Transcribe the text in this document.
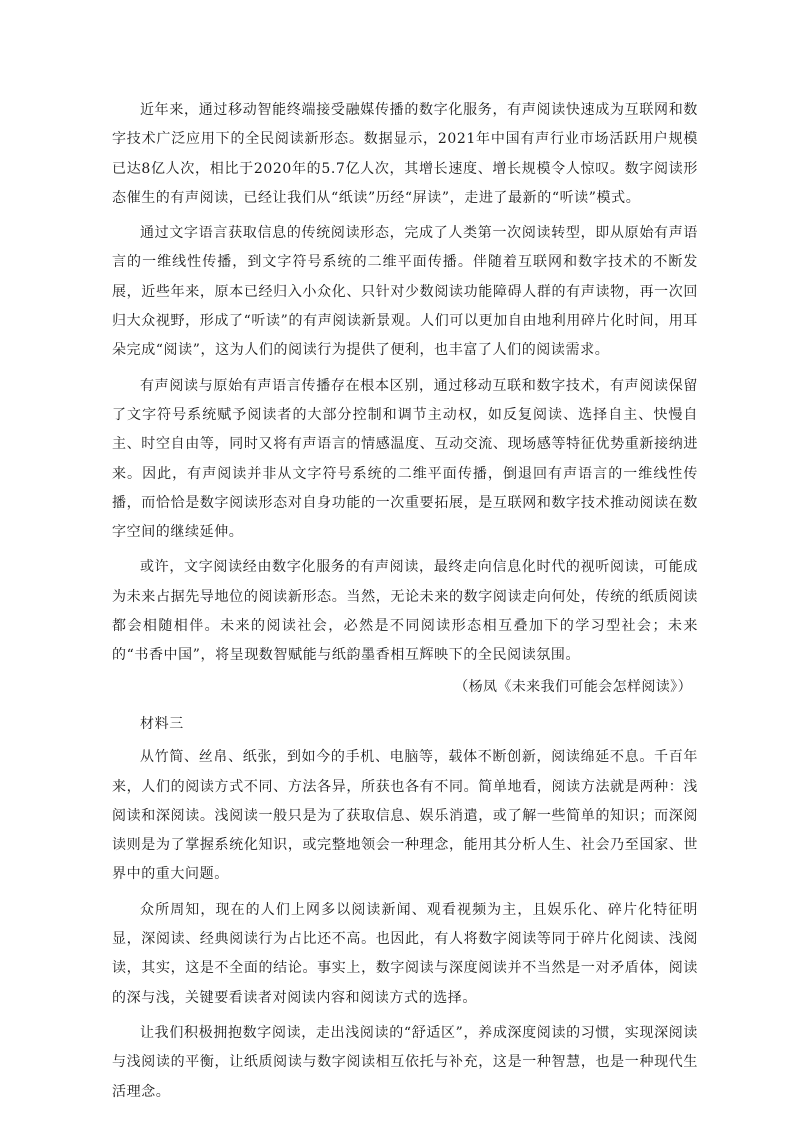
近年来，通过移动智能终端接受融媒传播的数字化服务，有声阅读快速成为互联网和数字技术广泛应用下的全民阅读新形态。数据显示，2021年中国有声行业市场活跃用户规模已达8亿人次，相比于2020年的5.7亿人次，其增长速度、增长规模令人惊叹。数字阅读形态催生的有声阅读，已经让我们从“纸读”历经“屏读”，走进了最新的“听读”模式。

通过文字语言获取信息的传统阅读形态，完成了人类第一次阅读转型，即从原始有声语言的一维线性传播，到文字符号系统的二维平面传播。伴随着互联网和数字技术的不断发展，近些年来，原本已经归入小众化、只针对少数阅读功能障碍人群的有声读物，再一次回归大众视野，形成了“听读”的有声阅读新景观。人们可以更加自由地利用碎片化时间，用耳朵完成“阅读”，这为人们的阅读行为提供了便利，也丰富了人们的阅读需求。

有声阅读与原始有声语言传播存在根本区别，通过移动互联和数字技术，有声阅读保留了文字符号系统赋予阅读者的大部分控制和调节主动权，如反复阅读、选择自主、快慢自主、时空自由等，同时又将有声语言的情感温度、互动交流、现场感等特征优势重新接纳进来。因此，有声阅读并非从文字符号系统的二维平面传播，倒退回有声语言的一维线性传播，而恰恰是数字阅读形态对自身功能的一次重要拓展，是互联网和数字技术推动阅读在数字空间的继续延伸。

或许，文字阅读经由数字化服务的有声阅读，最终走向信息化时代的视听阅读，可能成为未来占据先导地位的阅读新形态。当然，无论未来的数字阅读走向何处，传统的纸质阅读都会相随相伴。未来的阅读社会，必然是不同阅读形态相互叠加下的学习型社会；未来的“书香中国”，将呈现数智赋能与纸韵墨香相互辉映下的全民阅读氛围。

（杨凤《未来我们可能会怎样阅读》）

材料三

从竹简、丝帛、纸张，到如今的手机、电脑等，载体不断创新，阅读绵延不息。千百年来，人们的阅读方式不同、方法各异，所获也各有不同。简单地看，阅读方法就是两种：浅阅读和深阅读。浅阅读一般只是为了获取信息、娱乐消遣，或了解一些简单的知识；而深阅读则是为了掌握系统化知识，或完整地领会一种理念，能用其分析人生、社会乃至国家、世界中的重大问题。

众所周知，现在的人们上网多以阅读新闻、观看视频为主，且娱乐化、碎片化特征明显，深阅读、经典阅读行为占比还不高。也因此，有人将数字阅读等同于碎片化阅读、浅阅读，其实，这是不全面的结论。事实上，数字阅读与深度阅读并不当然是一对矛盾体，阅读的深与浅，关键要看读者对阅读内容和阅读方式的选择。

让我们积极拥抱数字阅读，走出浅阅读的“舒适区”，养成深度阅读的习惯，实现深阅读与浅阅读的平衡，让纸质阅读与数字阅读相互依托与补充，这是一种智慧，也是一种现代生活理念。
